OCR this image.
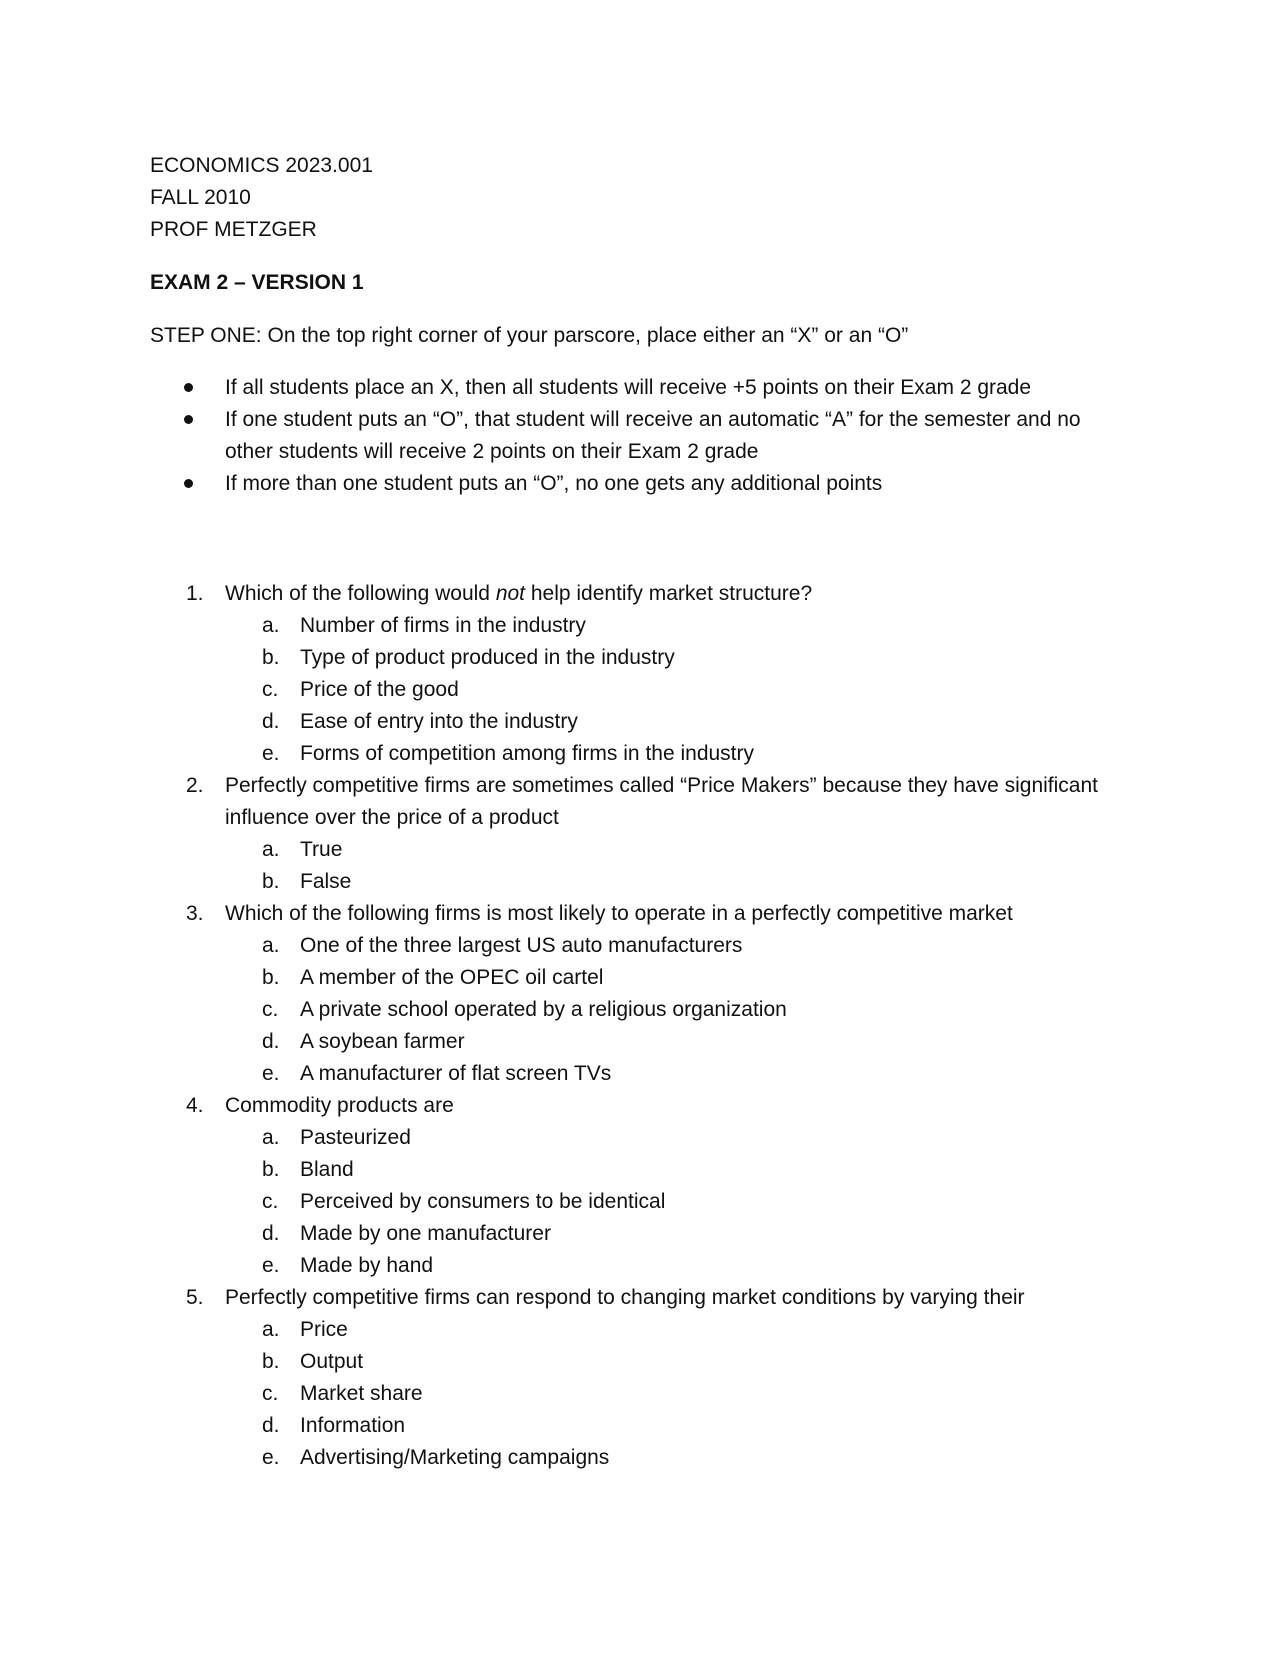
ECONOMICS 2023.001
FALL 2010
PROF METZGER
EXAM 2 – VERSION 1
STEP ONE: On the top right corner of your parscore, place either an “X” or an “O”
If all students place an X, then all students will receive +5 points on their Exam 2 grade
If one student puts an “O”, that student will receive an automatic “A” for the semester and no
other students will receive 2 points on their Exam 2 grade
If more than one student puts an “O”, no one gets any additional points
1.	Which of the following would not help identify market structure?
a. Number of firms in the industry
b. Type of product produced in the industry
c.	Price of the good
d. Ease of entry into the industry
e. Forms of competition among firms in the industry
2.	Perfectly competitive firms are sometimes called “Price Makers” because they have significant
influence over the price of a product
a. True
b. False
3.	Which of the following firms is most likely to operate in a perfectly competitive market
a. One of the three largest US auto manufacturers
b. A member of the OPEC oil cartel
c.	A private school operated by a religious organization
d. A soybean farmer
e. A manufacturer of flat screen TVs
4.	Commodity products are
a. Pasteurized
b. Bland
c.	Perceived by consumers to be identical
d. Made by one manufacturer
e. Made by hand
5.	Perfectly competitive firms can respond to changing market conditions by varying their
a. Price
b. Output
c.	Market share
d. Information
e. Advertising/Marketing campaigns
